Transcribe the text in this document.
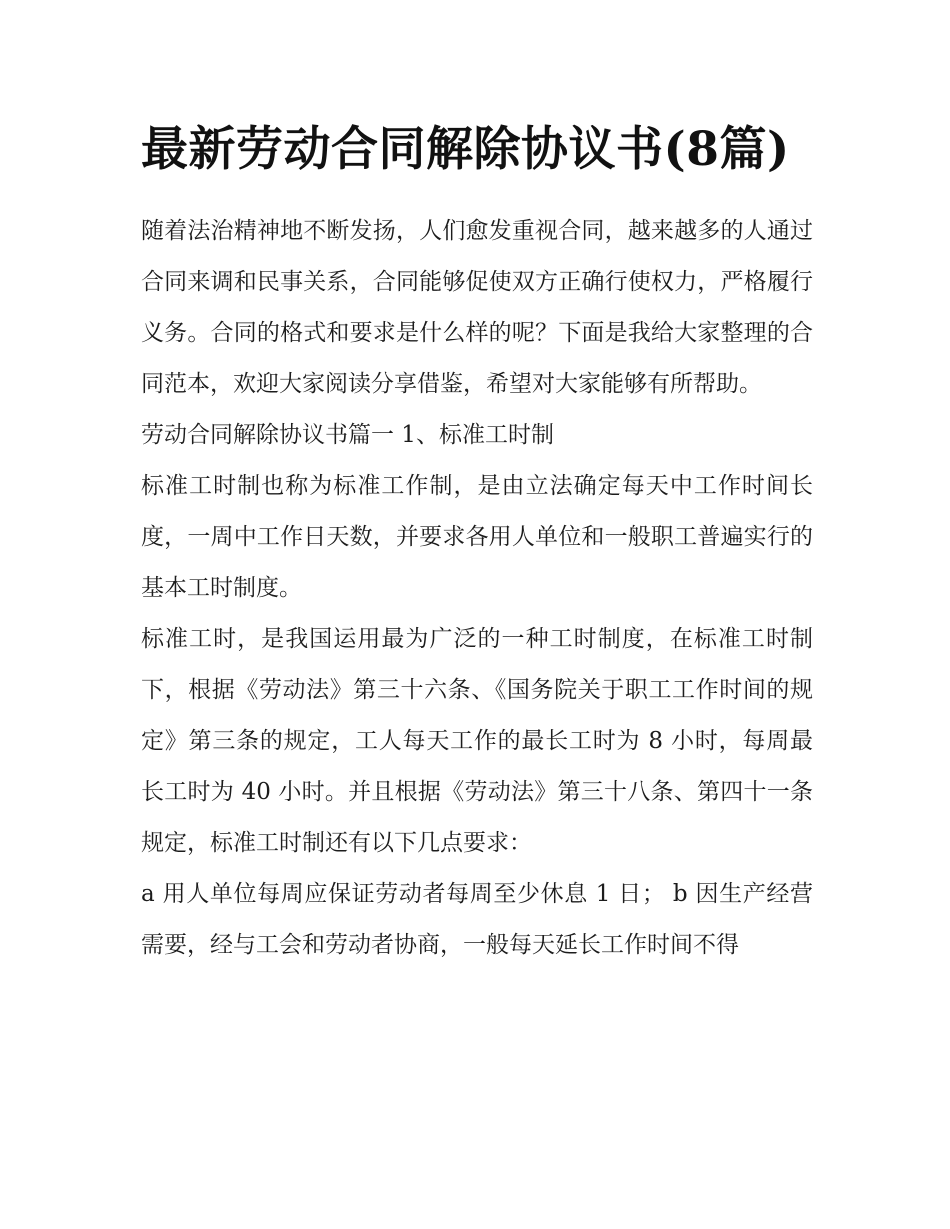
最新劳动合同解除协议书(8篇)

随着法治精神地不断发扬，人们愈发重视合同，越来越多的人通过合同来调和民事关系，合同能够促使双方正确行使权力，严格履行义务。合同的格式和要求是什么样的呢？下面是我给大家整理的合同范本，欢迎大家阅读分享借鉴，希望对大家能够有所帮助。

劳动合同解除协议书篇一 1、标准工时制

标准工时制也称为标准工作制，是由立法确定每天中工作时间长度，一周中工作日天数，并要求各用人单位和一般职工普遍实行的基本工时制度。

标准工时，是我国运用最为广泛的一种工时制度，在标准工时制下，根据《劳动法》第三十六条、《国务院关于职工工作时间的规定》第三条的规定，工人每天工作的最长工时为 8 小时，每周最长工时为 40 小时。并且根据《劳动法》第三十八条、第四十一条规定，标准工时制还有以下几点要求：

a 用人单位每周应保证劳动者每周至少休息 1 日； b 因生产经营需要，经与工会和劳动者协商，一般每天延长工作时间不得
